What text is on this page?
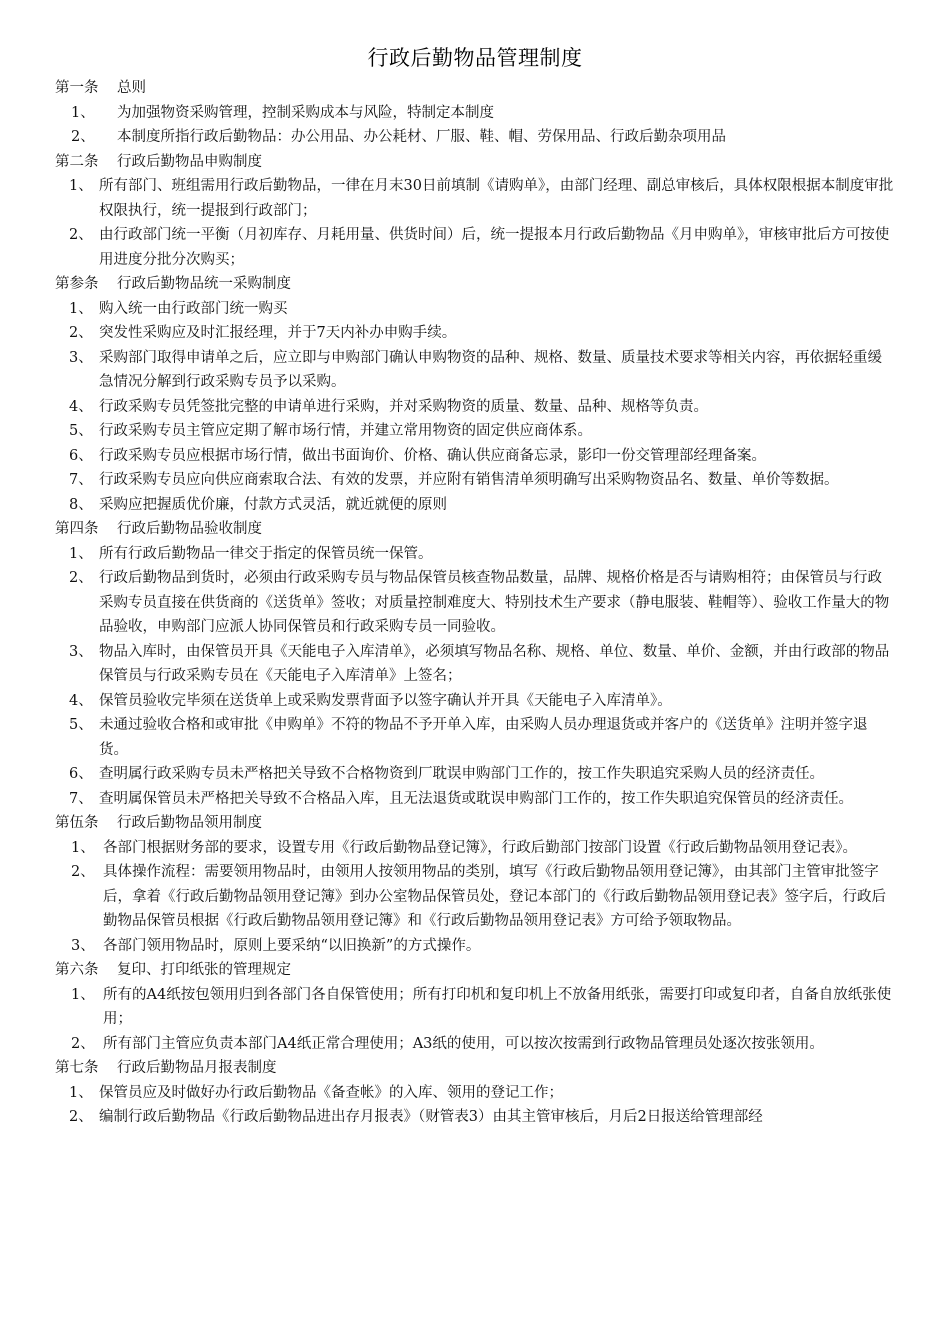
行政后勤物品管理制度

第一条 总则

1、	为加强物资采购管理，控制采购成本与风险，特制定本制度

2、	本制度所指行政后勤物品：办公用品、办公耗材、厂服、鞋、帽、劳保用品、行政后勤杂项用品

第二条 行政后勤物品申购制度

1、 所有部门、班组需用行政后勤物品，一律在月末30日前填制《请购单》，由部门经理、副总审核后，具体权限根据本制度审批权限执行，统一提报到行政部门；

2、 由行政部门统一平衡（月初库存、月耗用量、供货时间）后，统一提报本月行政后勤物品《月申购单》，审核审批后方可按使用进度分批分次购买；

第参条 行政后勤物品统一采购制度

1、 购入统一由行政部门统一购买

2、 突发性采购应及时汇报经理，并于7天内补办申购手续。

3、 采购部门取得申请单之后，应立即与申购部门确认申购物资的品种、规格、数量、质量技术要求等相关内容，再依据轻重缓急情况分解到行政采购专员予以采购。

4、 行政采购专员凭签批完整的申请单进行采购，并对采购物资的质量、数量、品种、规格等负责。

5、 行政采购专员主管应定期了解市场行情，并建立常用物资的固定供应商体系。

6、 行政采购专员应根据市场行情，做出书面询价、价格、确认供应商备忘录，影印一份交管理部经理备案。

7、 行政采购专员应向供应商索取合法、有效的发票，并应附有销售清单须明确写出采购物资品名、数量、单价等数据。

8、 采购应把握质优价廉，付款方式灵活，就近就便的原则

第四条 行政后勤物品验收制度

1、 所有行政后勤物品一律交于指定的保管员统一保管。

2、 行政后勤物品到货时，必须由行政采购专员与物品保管员核查物品数量，品牌、规格价格是否与请购相符；由保管员与行政采购专员直接在供货商的《送货单》签收；对质量控制难度大、特别技术生产要求（静电服装、鞋帽等）、验收工作量大的物品验收，申购部门应派人协同保管员和行政采购专员一同验收。

3、 物品入库时，由保管员开具《天能电子入库清单》，必须填写物品名称、规格、单位、数量、单价、金额，并由行政部的物品保管员与行政采购专员在《天能电子入库清单》上签名；

4、 保管员验收完毕须在送货单上或采购发票背面予以签字确认并开具《天能电子入库清单》。

5、 未通过验收合格和或审批《申购单》不符的物品不予开单入库，由采购人员办理退货或并客户的《送货单》注明并签字退货。

6、 查明属行政采购专员未严格把关导致不合格物资到厂耽误申购部门工作的，按工作失职追究采购人员的经济责任。

7、 查明属保管员未严格把关导致不合格品入库，且无法退货或耽误申购部门工作的，按工作失职追究保管员的经济责任。

第伍条 行政后勤物品领用制度

1、 各部门根据财务部的要求，设置专用《行政后勤物品登记簿》，行政后勤部门按部门设置《行政后勤物品领用登记表》。

2、 具体操作流程：需要领用物品时，由领用人按领用物品的类别，填写《行政后勤物品领用登记簿》，由其部门主管审批签字后，拿着《行政后勤物品领用登记簿》到办公室物品保管员处，登记本部门的《行政后勤物品领用登记表》签字后，行政后勤物品保管员根据《行政后勤物品领用登记簿》和《行政后勤物品领用登记表》方可给予领取物品。

3、 各部门领用物品时，原则上要采纳“以旧换新”的方式操作。

第六条 复印、打印纸张的管理规定

1、 所有的A4纸按包领用归到各部门各自保管使用；所有打印机和复印机上不放备用纸张，需要打印或复印者，自备自放纸张使用；

2、 所有部门主管应负责本部门A4纸正常合理使用；A3纸的使用，可以按次按需到行政物品管理员处逐次按张领用。

第七条 行政后勤物品月报表制度

1、 保管员应及时做好办行政后勤物品《备查帐》的入库、领用的登记工作；

2、 编制行政后勤物品《行政后勤物品进出存月报表》（财管表3）由其主管审核后，月后2日报送给管理部经
